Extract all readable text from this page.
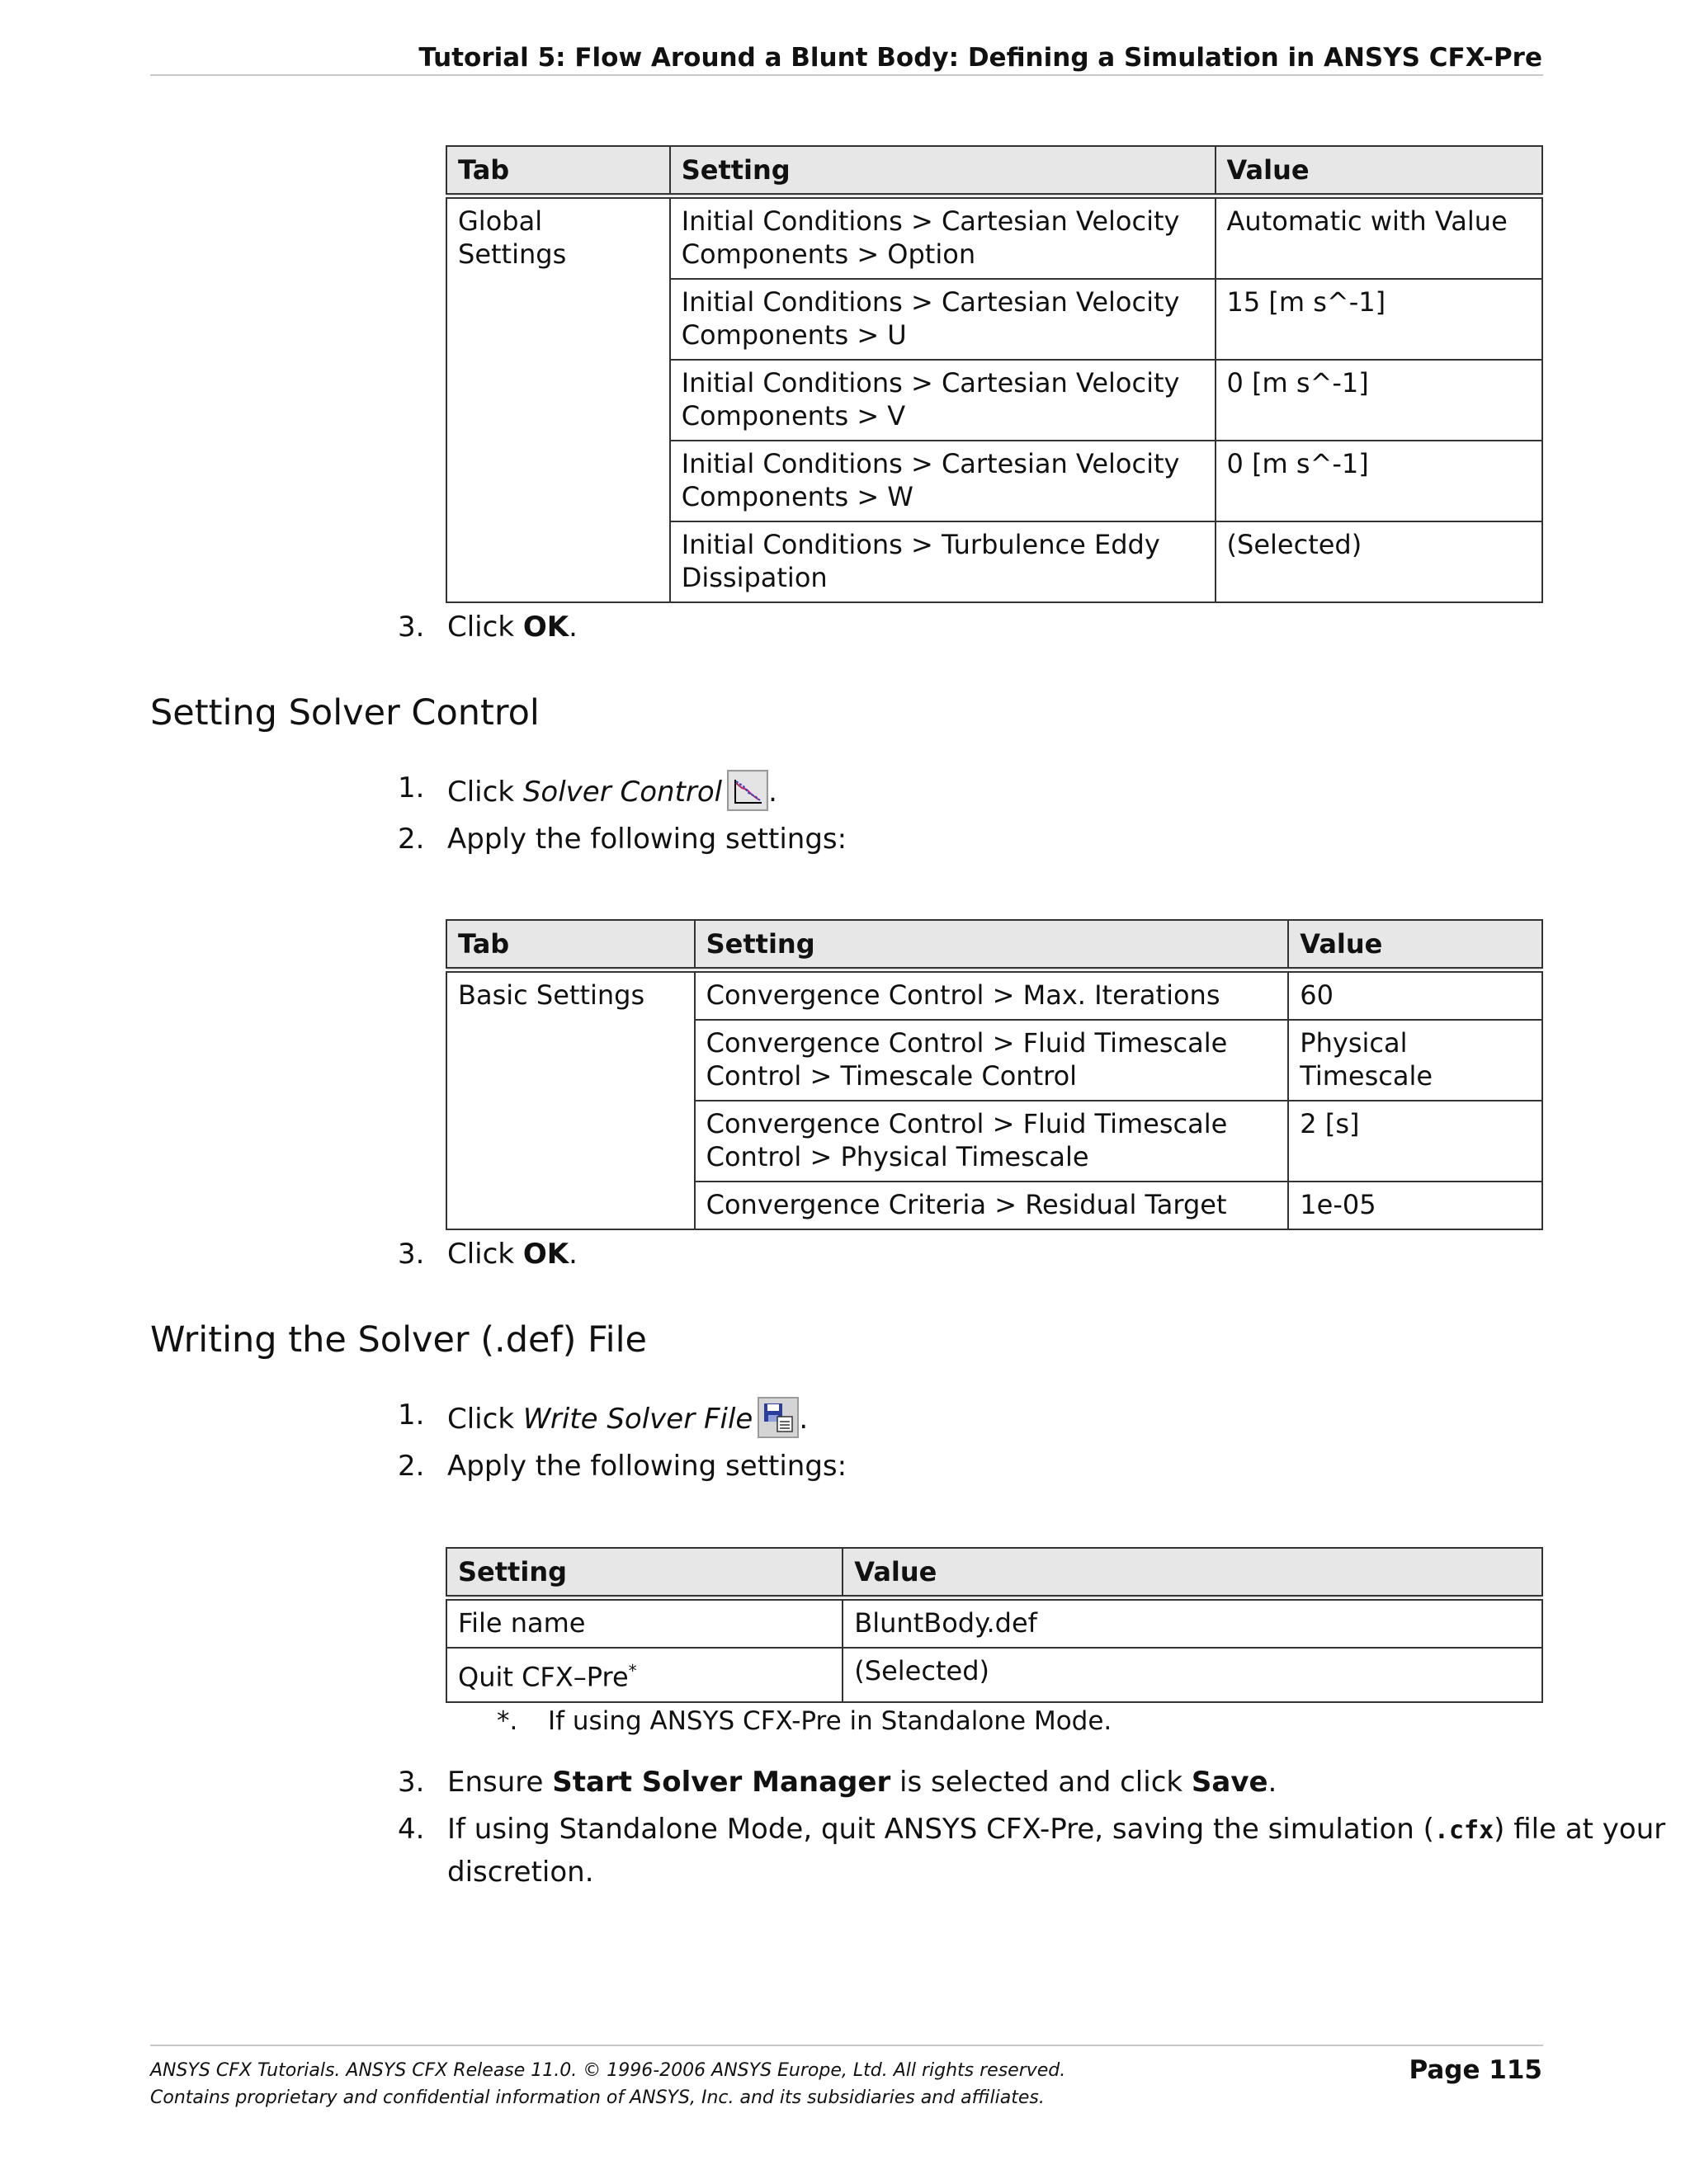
Tutorial 5: Flow Around a Blunt Body: Defining a Simulation in ANSYS CFX-Pre
Tab	Setting	Value
Global Settings	Initial Conditions > Cartesian Velocity Components > Option	Automatic with Value
	Initial Conditions > Cartesian Velocity Components > U	15 [m s^-1]
	Initial Conditions > Cartesian Velocity Components > V	0 [m s^-1]
	Initial Conditions > Cartesian Velocity Components > W	0 [m s^-1]
	Initial Conditions > Turbulence Eddy Dissipation	(Selected)
3. Click OK.
Setting Solver Control
1. Click Solver Control .
2. Apply the following settings:
Tab	Setting	Value
Basic Settings	Convergence Control > Max. Iterations	60
	Convergence Control > Fluid Timescale Control > Timescale Control	Physical Timescale
	Convergence Control > Fluid Timescale Control > Physical Timescale	2 [s]
	Convergence Criteria > Residual Target	1e-05
3. Click OK.
Writing the Solver (.def) File
1. Click Write Solver File .
2. Apply the following settings:
Setting	Value
File name	BluntBody.def
Quit CFX–Pre*	(Selected)
*. If using ANSYS CFX-Pre in Standalone Mode.
3. Ensure Start Solver Manager is selected and click Save.
4. If using Standalone Mode, quit ANSYS CFX-Pre, saving the simulation (.cfx) file at your
discretion.
ANSYS CFX Tutorials. ANSYS CFX Release 11.0. © 1996-2006 ANSYS Europe, Ltd. All rights reserved.
Contains proprietary and confidential information of ANSYS, Inc. and its subsidiaries and affiliates.
Page 115
